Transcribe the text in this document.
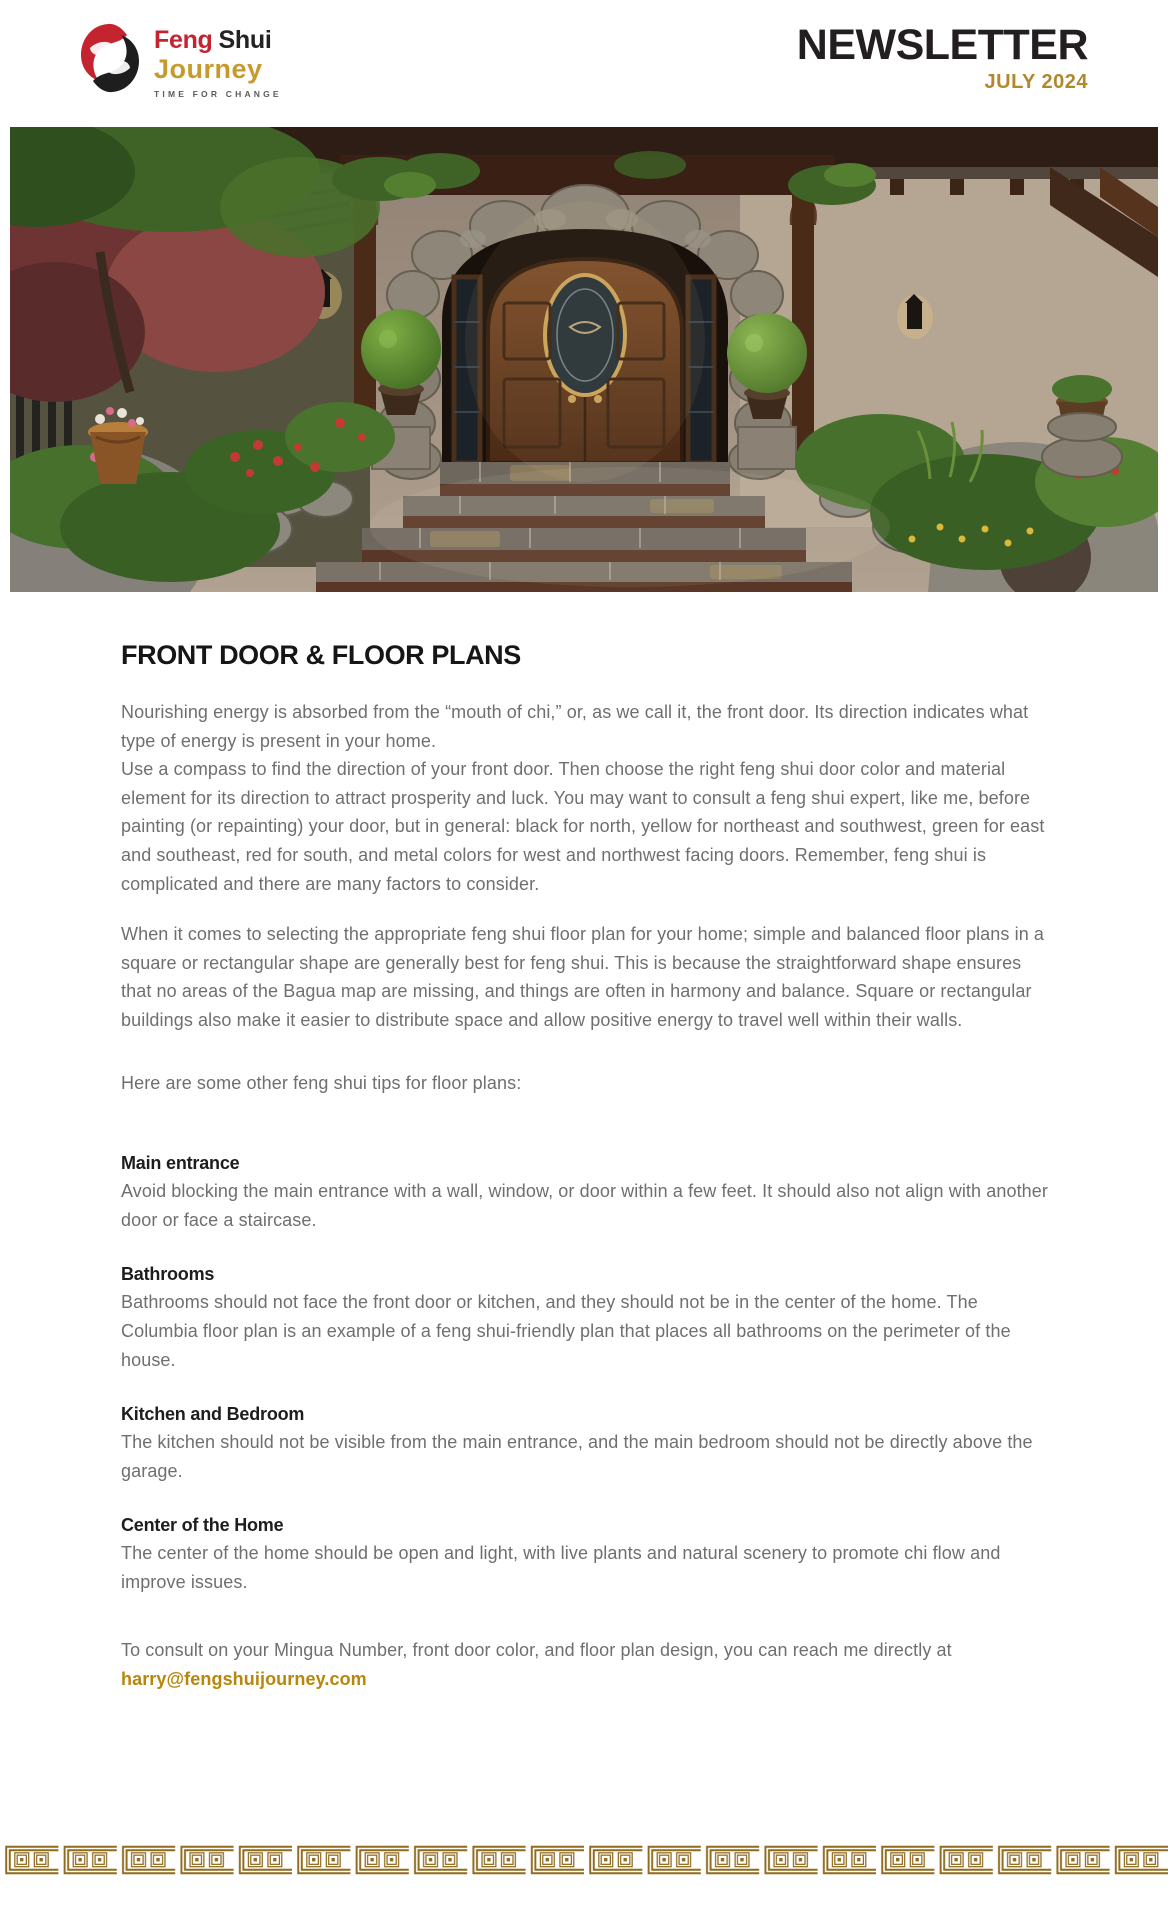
Feng Shui
Journey
TIME FOR CHANGE
NEWSLETTER
JULY 2024
FRONT DOOR & FLOOR PLANS

Nourishing energy is absorbed from the “mouth of chi,” or, as we call it, the front door. Its direction indicates what type of energy is present in your home.

Use a compass to find the direction of your front door. Then choose the right feng shui door color and material element for its direction to attract prosperity and luck. You may want to consult a feng shui expert, like me, before painting (or repainting) your door, but in general: black for north, yellow for northeast and southwest, green for east and southeast, red for south, and metal colors for west and northwest facing doors. Remember, feng shui is complicated and there are many factors to consider.

When it comes to selecting the appropriate feng shui floor plan for your home; simple and balanced floor plans in a square or rectangular shape are generally best for feng shui. This is because the straightforward shape ensures that no areas of the Bagua map are missing, and things are often in harmony and balance. Square or rectangular buildings also make it easier to distribute space and allow positive energy to travel well within their walls.

Here are some other feng shui tips for floor plans:

Main entrance

Avoid blocking the main entrance with a wall, window, or door within a few feet. It should also not align with another door or face a staircase.

Bathrooms

Bathrooms should not face the front door or kitchen, and they should not be in the center of the home. The Columbia floor plan is an example of a feng shui-friendly plan that places all bathrooms on the perimeter of the house.

Kitchen and Bedroom

The kitchen should not be visible from the main entrance, and the main bedroom should not be directly above the garage.

Center of the Home

The center of the home should be open and light, with live plants and natural scenery to promote chi flow and improve issues.

To consult on your Mingua Number, front door color, and floor plan design, you can reach me directly at harry@fengshuijourney.com
